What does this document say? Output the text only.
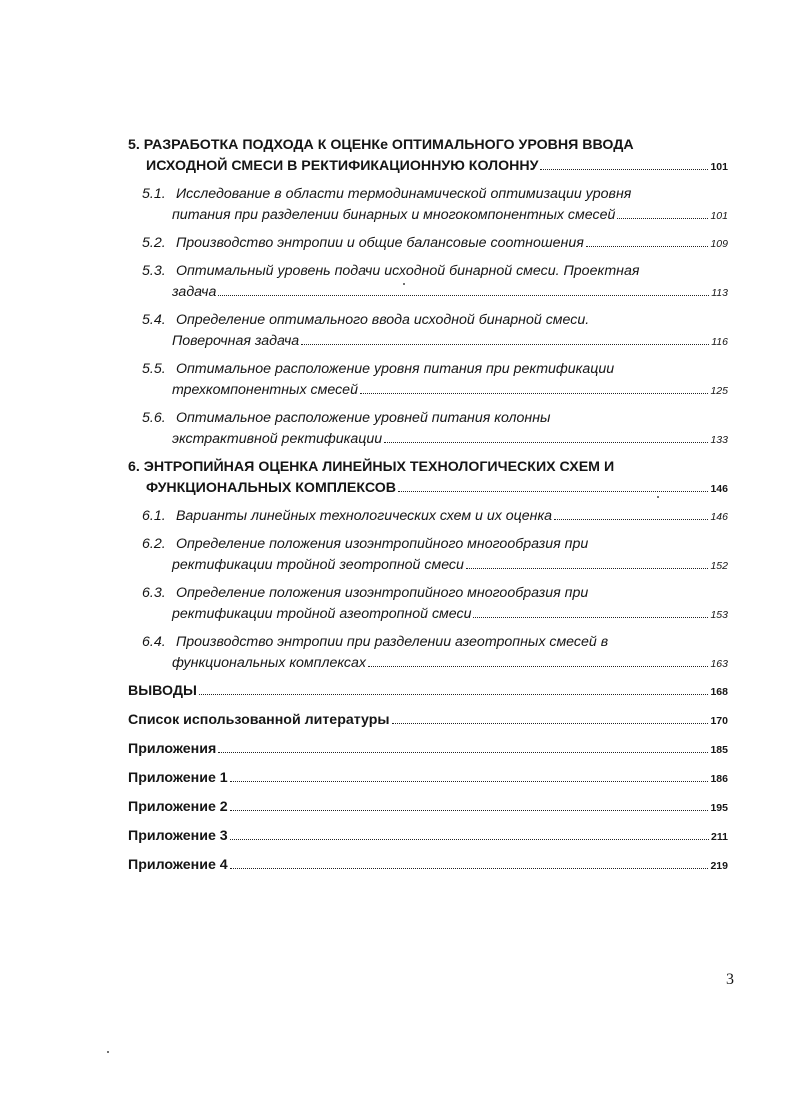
5. РАЗРАБОТКА ПОДХОДА К ОЦЕНКе ОПТИМАЛЬНОГО УРОВНЯ ВВОДА
ИСХОДНОЙ СМЕСИ В РЕКТИФИКАЦИОННУЮ КОЛОННУ	101
5.1. Исследование в области термодинамической оптимизации уровня
питания при разделении бинарных и многокомпонентных смесей	101
5.2.
Производство энтропии и общие балансовые соотношения	109
5.3. Оптимальный уровень подачи исходной бинарной смеси. Проектная
задача	113
5.4. Определение оптимального ввода исходной бинарной смеси.
Поверочная задача	116
5.5. Оптимальное расположение уровня питания при ректификации
трехкомпонентных смесей	125
5.6. Оптимальное расположение уровней питания колонны
экстрактивной ректификации	133
6. ЭНТРОПИЙНАЯ ОЦЕНКА ЛИНЕЙНЫХ ТЕХНОЛОГИЧЕСКИХ СХЕМ И
ФУНКЦИОНАЛЬНЫХ КОМПЛЕКСОВ	146
6.1.
Варианты линейных технологических схем и их оценка	146
6.2. Определение положения изоэнтропийного многообразия при
ректификации тройной зеотропной смеси	152
6.3. Определение положения изоэнтропийного многообразия при
ректификации тройной азеотропной смеси	153
6.4. Производство энтропии при разделении азеотропных смесей в
функциональных комплексах	163
ВЫВОДЫ	168
Список использованной литературы	170
Приложения	185
Приложение 1	186
Приложение 2	195
Приложение 3	211
Приложение 4	219
3
